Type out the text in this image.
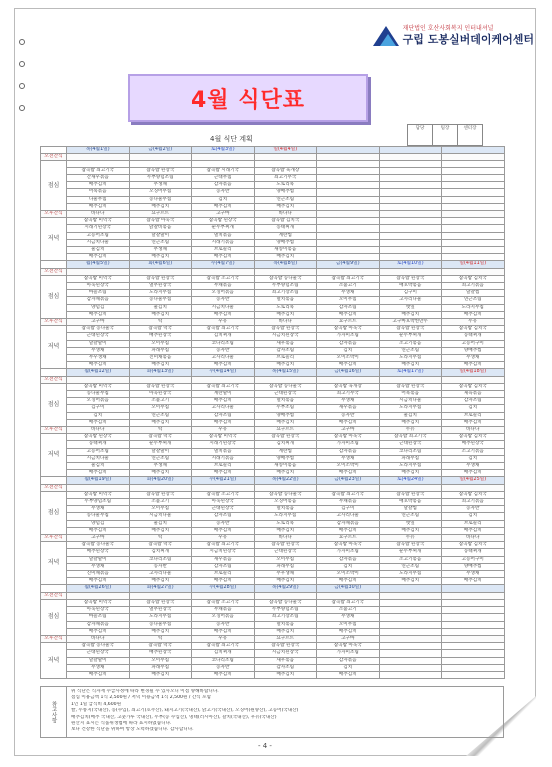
재단법인 호산사회복지 인터내셔널
구립 도봉실버데이케어센터
4월 식단표
담당	팀장	센터장
4월 식단 계획
	목(4월1일)	금(4월2일)	토(4월3일)	일(4월4일)			
오전간식							
점심							
	잡곡밥 쇠고기국	잡곡밥 된장국	잡곡밥 시래기국	잡곡밥 육개장			
	간새우볶음	두부양념조림	근대무침	쇠고기무국			
	배추김치	무생채	감자볶음	도토리묵			
	어묵볶음	오징어무침	콩자반	양배추찜			
	나물무침	콩나물무침	김치	연근조림			
	배추김치	배추김치	배추김치	배추김치			
오후간식	바나나	요구르트	고구마	바나나			
저녁	잡곡밥 미역국	잡곡밥 아욱국	잡곡밥 된장국	잡곡밥 김치국			
	시래기된장국	닭갈비볶음	순두부찌개	동태찌개			
	고등어조림	달걀말이	멸치볶음	계란찜			
	시금치나물	연근조림	시래기볶음	양배추찜			
	물김치	무생채	브로콜리	새송이볶음			
	배추김치	배추김치	배추김치	배추김치			
	월(4월5일)	화(4월6일)	수(4월7일)	목(4월8일)	금(4월9일)	토(4월10일)	일(4월11일)
오전간식							
점심	잡곡밥 미역국	잡곡밥 된장국	잡곡밥 소고기국	잡곡밥 콩나물국	잡곡밥 쇠고기국	잡곡밥 된장국	잡곡밥 김치국
	아욱된장국	열무된장국	무채볶음	두부양념조림	소불고기	애호박볶음	쇠고기볶음
	마늘조림	도라지무침	오징어볶음	쇠고기장조림	무생채	김구이	달걀찜
	감자채볶음	콩나물무침	콩자반	멸치볶음	오이무침	고사리나물	연근조림
	양념김	물김치	시금치나물	도토리묵	감자조림	깻잎	도라지무침
	배추김치	배추김치	배추김치	배추김치	배추김치	배추김치	배추김치
오후간식	고구마	떡	우유	바나나	요구르트	고구마호박찐만두	두유
저녁	잡곡밥 콩나물국	잡곡밥 떡국	잡곡밥 쇠고기국	잡곡밥 된장국	잡곡밥 아욱국	잡곡밥 된장국	잡곡밥 김치국
	근대된장국	배추된장국	김치찌개	시금치된장국	가자미조림	순두부찌개	동태찌개
	달걀말이	오이무침	코다리조림	새우볶음	감자볶음	소고기볶음	고등어구이
	무생채	파래무침	콩자반	감자조림	김치	연근조림	양배추찜
	무우생채	진미채볶음	고사리나물	브로콜리	오이소박이	도라지무침	무생채
	배추김치	배추김치	배추김치	배추김치	배추김치	배추김치	배추김치
	월(4월12일)	화(4월13일)	수(4월14일)	목(4월15일)	금(4월16일)	토(4월17일)	일(4월18일)
오전간식							
점심	잡곡밥 미역국	잡곡밥 된장국	잡곡밥 쇠고기국	잡곡밥 콩나물국	잡곡밥 육개장	잡곡밥 된장국	잡곡밥 김치국
	콩나물무침	아욱된장국	계란말이	근대된장국	쇠고기무국	어묵볶음	제육볶음
	오징어볶음	소불고기	배추김치	멸치볶음	무생채	시금치나물	감자조림
	김구이	오이무침	고사리나물	두부조림	새우볶음	도라지무침	김치
	김치	연근조림	감자조림	양배추찜	콩자반	물김치	브로콜리
	배추김치	배추김치	배추김치	배추김치	배추김치	배추김치	배추김치
오후간식	바나나	떡	우유	요구르트	고구마	두유	바나나
저녁	잡곡밥 된장국	잡곡밥 떡국	잡곡밥 미역국	잡곡밥 된장국	잡곡밥 아욱국	잡곡밥 쇠고기국	잡곡밥 김치국
	동태찌개	순두부찌개	시래기된장국	김치찌개	가자미조림	근대된장국	배추된장국
	고등어조림	달걀말이	멸치볶음	계란찜	감자볶음	코다리조림	소고기볶음
	시금치나물	연근조림	시래기볶음	양배추찜	무생채	파래무침	김치
	물김치	무생채	브로콜리	새송이볶음	오이소박이	도라지무침	무생채
	배추김치	배추김치	배추김치	배추김치	배추김치	배추김치	배추김치
	월(4월19일)	화(4월20일)	수(4월21일)	목(4월22일)	금(4월23일)	토(4월24일)	일(4월25일)
오전간식							
점심	잡곡밥 미역국	잡곡밥 된장국	잡곡밥 소고기국	잡곡밥 콩나물국	잡곡밥 쇠고기국	잡곡밥 된장국	잡곡밥 김치국
	두부양념조림	소불고기	아욱된장국	오징어볶음	무채볶음	애호박볶음	쇠고기볶음
	무생채	오이무침	근대된장국	멸치볶음	김구이	달걀찜	콩자반
	콩나물무침	시금치나물	감자조림	도라지무침	고사리나물	연근조림	김치
	양념김	물김치	콩자반	도토리묵	감자채볶음	깻잎	브로콜리
	배추김치	배추김치	배추김치	배추김치	배추김치	배추김치	배추김치
오후간식	고구마	떡	우유	바나나	요구르트	두유	바나나
저녁	잡곡밥 콩나물국	잡곡밥 떡국	잡곡밥 쇠고기국	잡곡밥 된장국	잡곡밥 아욱국	잡곡밥 된장국	잡곡밥 김치국
	배추된장국	김치찌개	시금치된장국	근대된장국	가자미조림	순두부찌개	동태찌개
	달걀말이	코다리조림	새우볶음	오이무침	감자볶음	소고기볶음	고등어구이
	무생채	콩자반	감자조림	파래무침	김치	연근조림	양배추찜
	진미채볶음	고사리나물	브로콜리	무우생채	오이소박이	도라지무침	무생채
	배추김치	배추김치	배추김치	배추김치	배추김치	배추김치	배추김치
	월(4월26일)	화(4월27일)	수(4월28일)	목(4월29일)	금(4월30일)		
오전간식							
점심	잡곡밥 미역국	잡곡밥 된장국	잡곡밥 소고기국	잡곡밥 콩나물국	잡곡밥 쇠고기국		
	아욱된장국	열무된장국	무채볶음	두부양념조림	소불고기		
	마늘조림	도라지무침	오징어볶음	쇠고기장조림	무생채		
	감자채볶음	콩나물무침	콩자반	멸치볶음	오이무침		
	배추김치	배추김치	배추김치	배추김치	배추김치		
오후간식	바나나	떡	우유	요구르트	고구마		
저녁	잡곡밥 콩나물국	잡곡밥 떡국	잡곡밥 쇠고기국	잡곡밥 된장국	잡곡밥 아욱국		
	근대된장국	배추된장국	김치찌개	시금치된장국	가자미조림		
	달걀말이	오이무침	코다리조림	새우볶음	감자볶음		
	무생채	파래무침	콩자반	감자조림	김치		
	배추김치	배추김치	배추김치	배추김치	배추김치		
참고사항

위 식단은 식자재 수급사정에 따라 변경될 수 있사오니 이점 양해바랍니다.

점심 이용금액 1식 2,500원 / 저녁 이용금액 1식 2,500원 / 간식 포함

1인 1일 급식비 4,600원

쌀, 누룽지(국내산), 콩(수입), 쇠고기(호주산), 돼지고기(국내산), 닭고기(국내산), 오징어(원양산), 고등어(국내산)

배추김치(배추 국내산, 고춧가루 국내산), 두부(콩 수입산), 명태(러시아산), 갈치(국내산), 우유(국내산)

원산지 표시는 식품위생법에 따라 표시하였습니다.

보다 건강한 식단을 위하여 항상 노력하겠습니다. 감사합니다.

- 4 -
